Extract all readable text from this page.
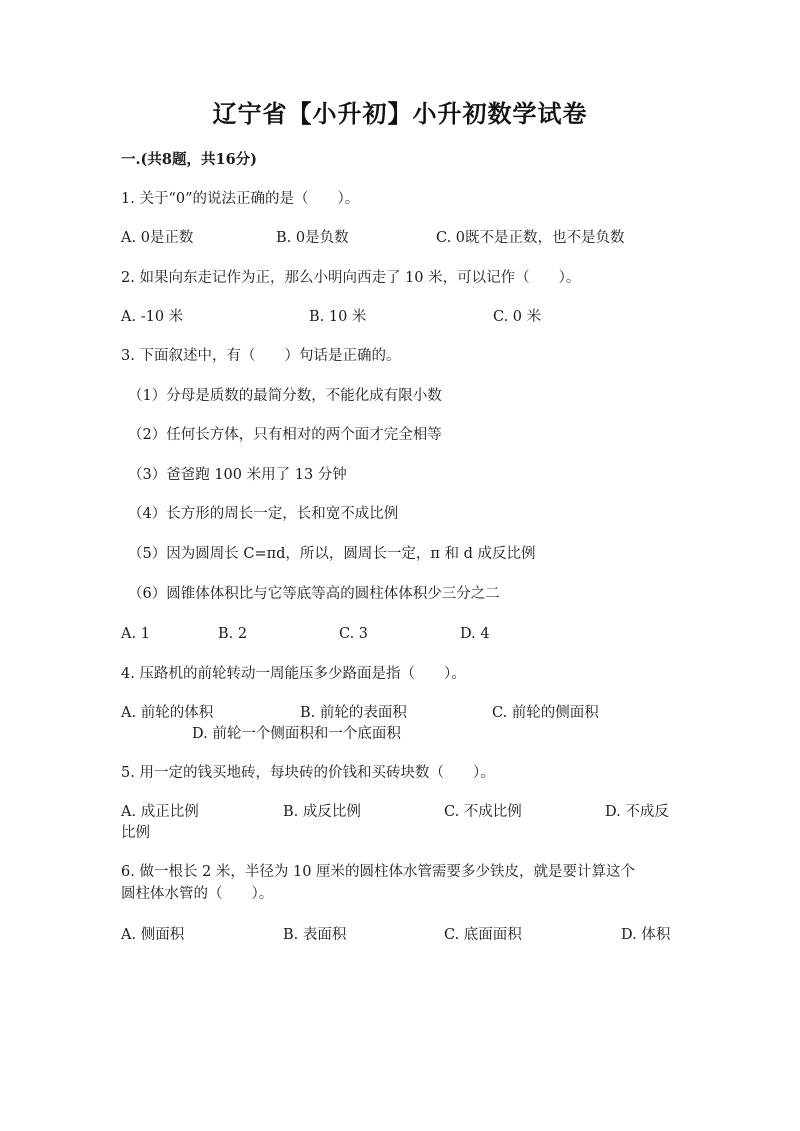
辽宁省【小升初】小升初数学试卷
一.(共8题，共16分)
1. 关于“0”的说法正确的是（　　）。
A. 0是正数	B. 0是负数	C. 0既不是正数，也不是负数
2. 如果向东走记作为正，那么小明向西走了 10 米，可以记作（　　）。
A. -10 米	B. 10 米	C. 0 米
3. 下面叙述中，有（　　）句话是正确的。
（1）分母是质数的最简分数，不能化成有限小数
（2）任何长方体，只有相对的两个面才完全相等
（3）爸爸跑 100 米用了 13 分钟
（4）长方形的周长一定，长和宽不成比例
（5）因为圆周长 C=πd，所以，圆周长一定，π 和 d 成反比例
（6）圆锥体体积比与它等底等高的圆柱体体积少三分之二
A. 1	B. 2	C. 3	D. 4
4. 压路机的前轮转动一周能压多少路面是指（　　）。
A. 前轮的体积	B. 前轮的表面积	C. 前轮的侧面积
D. 前轮一个侧面积和一个底面积
5. 用一定的钱买地砖，每块砖的价钱和买砖块数（　　）。
A. 成正比例	B. 成反比例	C. 不成比例	D. 不成反
比例
6. 做一根长 2 米，半径为 10 厘米的圆柱体水管需要多少铁皮，就是要计算这个
圆柱体水管的（　　）。
A. 侧面积	B. 表面积	C. 底面面积	D. 体积
